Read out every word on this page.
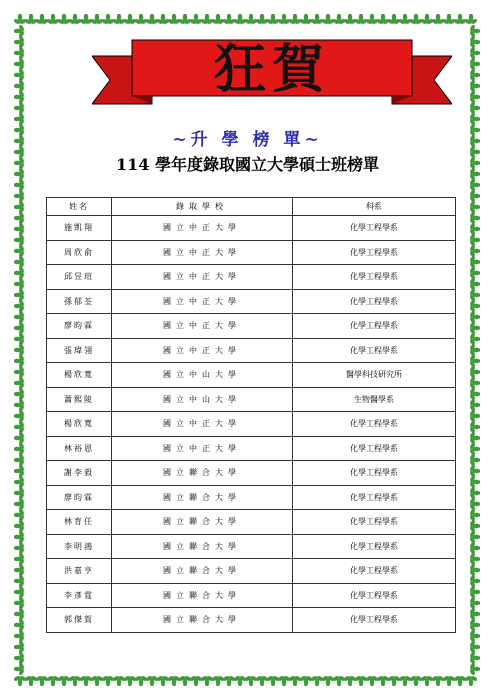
狂賀
~升 學 榜 單~
114 學年度錄取國立大學碩士班榜單
姓名	錄取學校	科系
施凱翔	國立中正大學	化學工程學系
周欣俞	國立中正大學	化學工程學系
邱昱瑄	國立中正大學	化學工程學系
孫郁荃	國立中正大學	化學工程學系
廖昀霖	國立中正大學	化學工程學系
張瑋翎	國立中正大學	化學工程學系
楊欣寬	國立中山大學	醫學科技研究所
蕭熙陵	國立中山大學	生物醫學系
楊欣寬	國立中正大學	化學工程學系
林裕恩	國立中正大學	化學工程學系
謝李毅	國立聯合大學	化學工程學系
廖昀霖	國立聯合大學	化學工程學系
林育任	國立聯合大學	化學工程學系
李明鴻	國立聯合大學	化學工程學系
洪嘉亨	國立聯合大學	化學工程學系
李彥霆	國立聯合大學	化學工程學系
郭傑賀	國立聯合大學	化學工程學系
